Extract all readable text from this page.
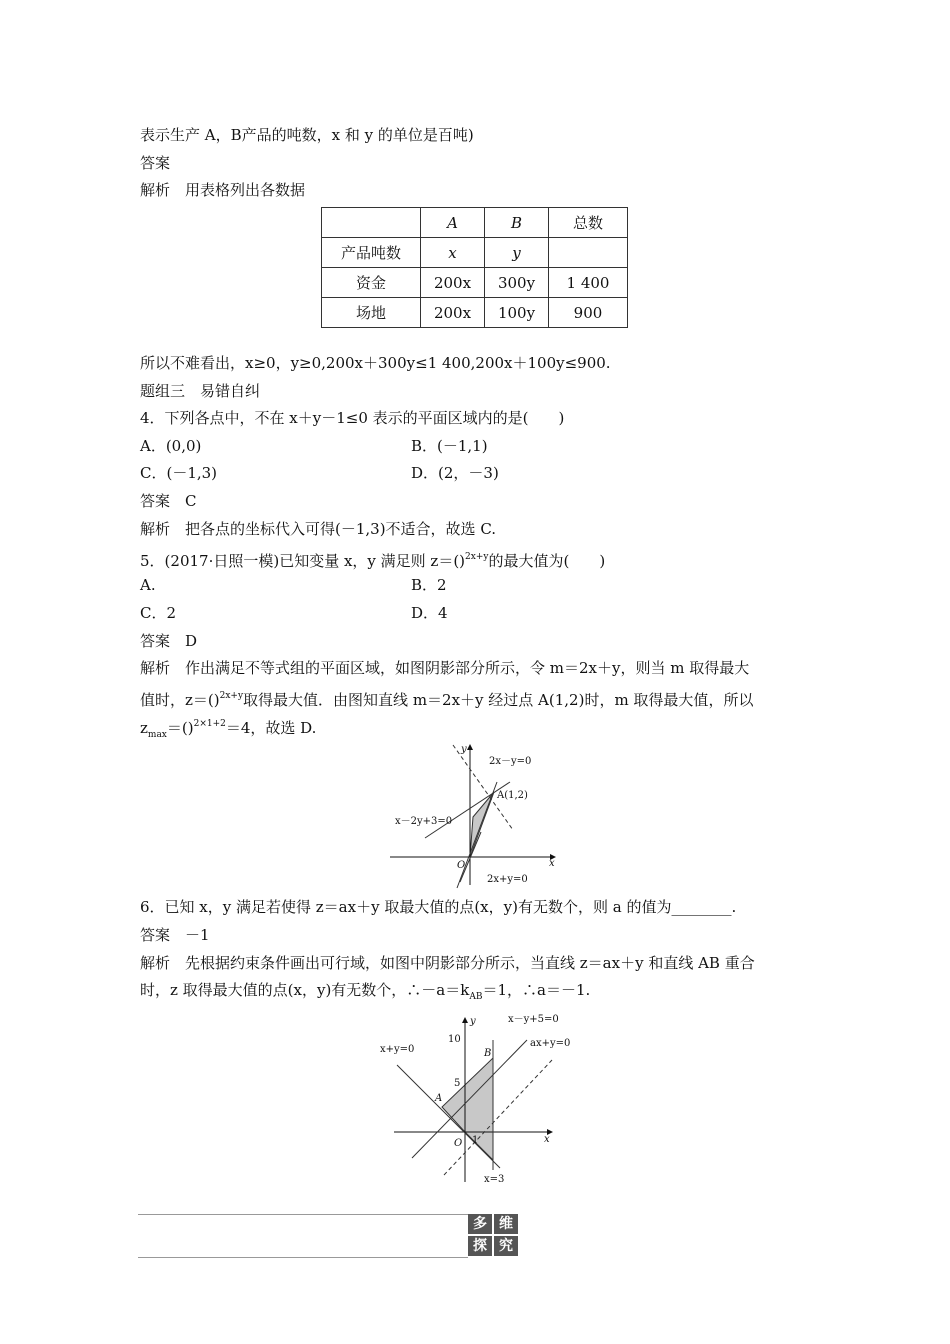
表示生产 A，B产品的吨数，x 和 y 的单位是百吨)
答案
解析　用表格列出各数据
	A	B	总数
产品吨数	x	y	
资金	200x	300y	1 400
场地	200x	100y	900
所以不难看出，x≥0，y≥0,200x＋300y≤1 400,200x＋100y≤900.
题组三　易错自纠
4．下列各点中，不在 x＋y－1≤0 表示的平面区域内的是(　　)
A．(0,0)	B．(－1,1)
C．(－1,3)	D．(2，－3)
答案　C
解析　把各点的坐标代入可得(－1,3)不适合，故选 C.
5．(2017·日照一模)已知变量 x，y 满足则 z＝()$^{2x+y}$的最大值为(　　)
A.	B．2
C．2	D．4
答案　D
解析　作出满足不等式组的平面区域，如图阴影部分所示，令 m＝2x＋y，则当 m 取得最大
值时，z＝()$^{2x+y}$取得最大值．由图知直线 m＝2x＋y 经过点 A(1,2)时，m 取得最大值，所以
$z_{max}=()^{2\times 1+2}=4$，故选 D.
y
x
O
2x－y=0
x－2y+3=0
2x+y=0
A(1,2)
6．已知 x，y 满足若使得 z＝ax＋y 取最大值的点(x，y)有无数个，则 a 的值为________.
答案　－1
解析　先根据约束条件画出可行域，如图中阴影部分所示，当直线 z＝ax＋y 和直线 AB 重合
时，z 取得最大值的点(x，y)有无数个，$\therefore-a=k_{AB}=1$，∴a＝－1.
y
x
O
10
5
1
A
B
x－y+5=0
x+y=0
ax+y=0
x=3
多 维
探 究
